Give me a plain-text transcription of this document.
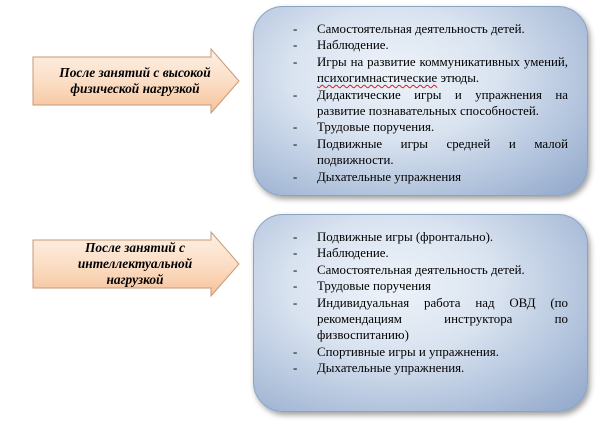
После занятий с высокой физической нагрузкой
- Самостоятельная деятельность детей.
- Наблюдение.
- Игры на развитие коммуникативных умений, психогимнастические этюды.
- Дидактические игры и упражнения на развитие познавательных способностей.
- Трудовые поручения.
- Подвижные игры средней и малой подвижности.
- Дыхательные упражнения
После занятий с интеллектуальной нагрузкой
- Подвижные игры (фронтально).
- Наблюдение.
- Самостоятельная деятельность детей.
- Трудовые поручения
- Индивидуальная работа над ОВД (по рекомендациям инструктора по физвоспитанию)
- Спортивные игры и упражнения.
- Дыхательные упражнения.
